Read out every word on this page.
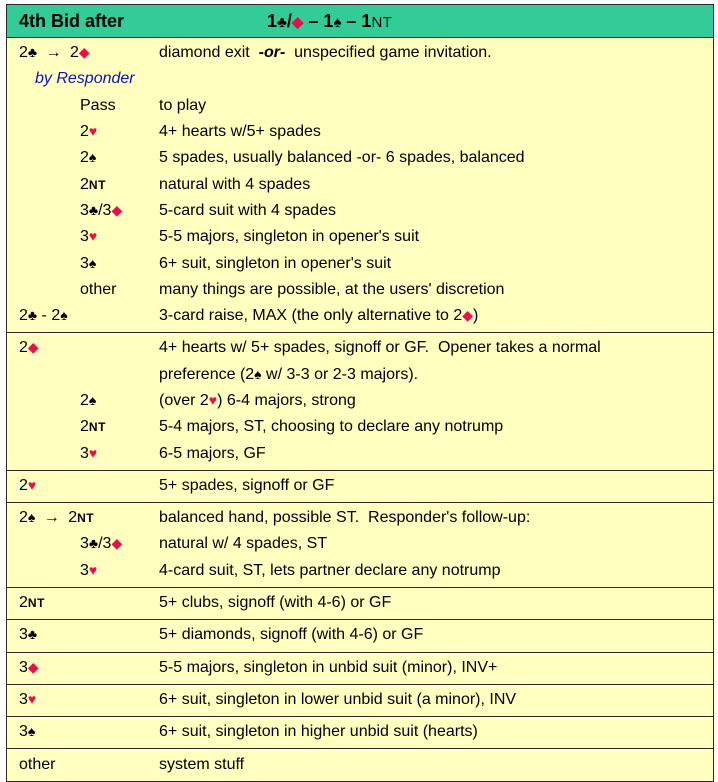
4th Bid after	1 ♣ / ◆ – 1 ♠ – 1 NT
2♣ → 2◆	diamond exit  -or-  unspecified game invitation.
by Responder
Pass	to play
2♥	4+ hearts w/5+ spades
2♠	5 spades, usually balanced -or- 6 spades, balanced
2NT	natural with 4 spades
3♣/3◆	5-card suit with 4 spades
3♥	5-5 majors, singleton in opener's suit
3♠	6+ suit, singleton in opener's suit
other	many things are possible, at the users' discretion
2♣ - 2♠	3-card raise, MAX (the only alternative to 2◆)
2◆	4+ hearts w/ 5+ spades, signoff or GF.  Opener takes a normal
preference (2♠ w/ 3-3 or 2-3 majors).
2♠	(over 2♥) 6-4 majors, strong
2NT	5-4 majors, ST, choosing to declare any notrump
3♥	6-5 majors, GF
2♥	5+ spades, signoff or GF
2♠ → 2NT	balanced hand, possible ST.  Responder's follow-up:
3♣/3◆	natural w/ 4 spades, ST
3♥	4-card suit, ST, lets partner declare any notrump
2NT	5+ clubs, signoff (with 4-6) or GF
3♣	5+ diamonds, signoff (with 4-6) or GF
3◆	5-5 majors, singleton in unbid suit (minor), INV+
3♥	6+ suit, singleton in lower unbid suit (a minor), INV
3♠	6+ suit, singleton in higher unbid suit (hearts)
other	system stuff
